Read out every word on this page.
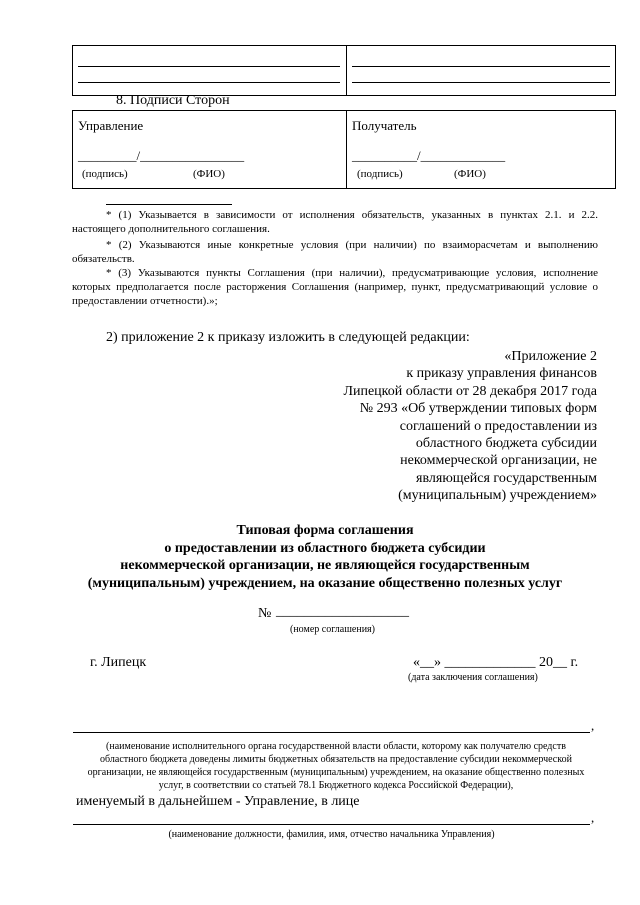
8. Подписи Сторон
Управление	Получатель
_________/________________	__________/_____________
(подпись)	(ФИО)	(подпись)	(ФИО)
* (1) Указывается в зависимости от исполнения обязательств, указанных в пунктах 2.1. и 2.2. настоящего дополнительного соглашения.
* (2) Указываются иные конкретные условия (при наличии) по взаиморасчетам и выполнению обязательств.
* (3) Указываются пункты Соглашения (при наличии), предусматривающие условия, исполнение которых предполагается после расторжения Соглашения (например, пункт, предусматривающий условие о предоставлении отчетности).»;
2) приложение 2 к приказу изложить в следующей редакции:
«Приложение 2
к приказу управления финансов
Липецкой области от 28 декабря 2017 года
№ 293 «Об утверждении типовых форм
соглашений о предоставлении из
областного бюджета субсидии
некоммерческой организации, не
являющейся государственным
(муниципальным) учреждением»
Типовая форма соглашения
о предоставлении из областного бюджета субсидии
некоммерческой организации, не являющейся государственным
(муниципальным) учреждением, на оказание общественно полезных услуг
№ ___________________
(номер соглашения)
г. Липецк	«__» _____________ 20__ г.
(дата заключения соглашения)
,
(наименование исполнительного органа государственной власти области, которому как получателю средств областного бюджета доведены лимиты бюджетных обязательств на предоставление субсидии некоммерческой организации, не являющейся государственным (муниципальным) учреждением, на оказание общественно полезных услуг, в соответствии со статьей 78.1 Бюджетного кодекса Российской Федерации),
именуемый в дальнейшем - Управление, в лице
,
(наименование должности, фамилия, имя, отчество начальника Управления)
